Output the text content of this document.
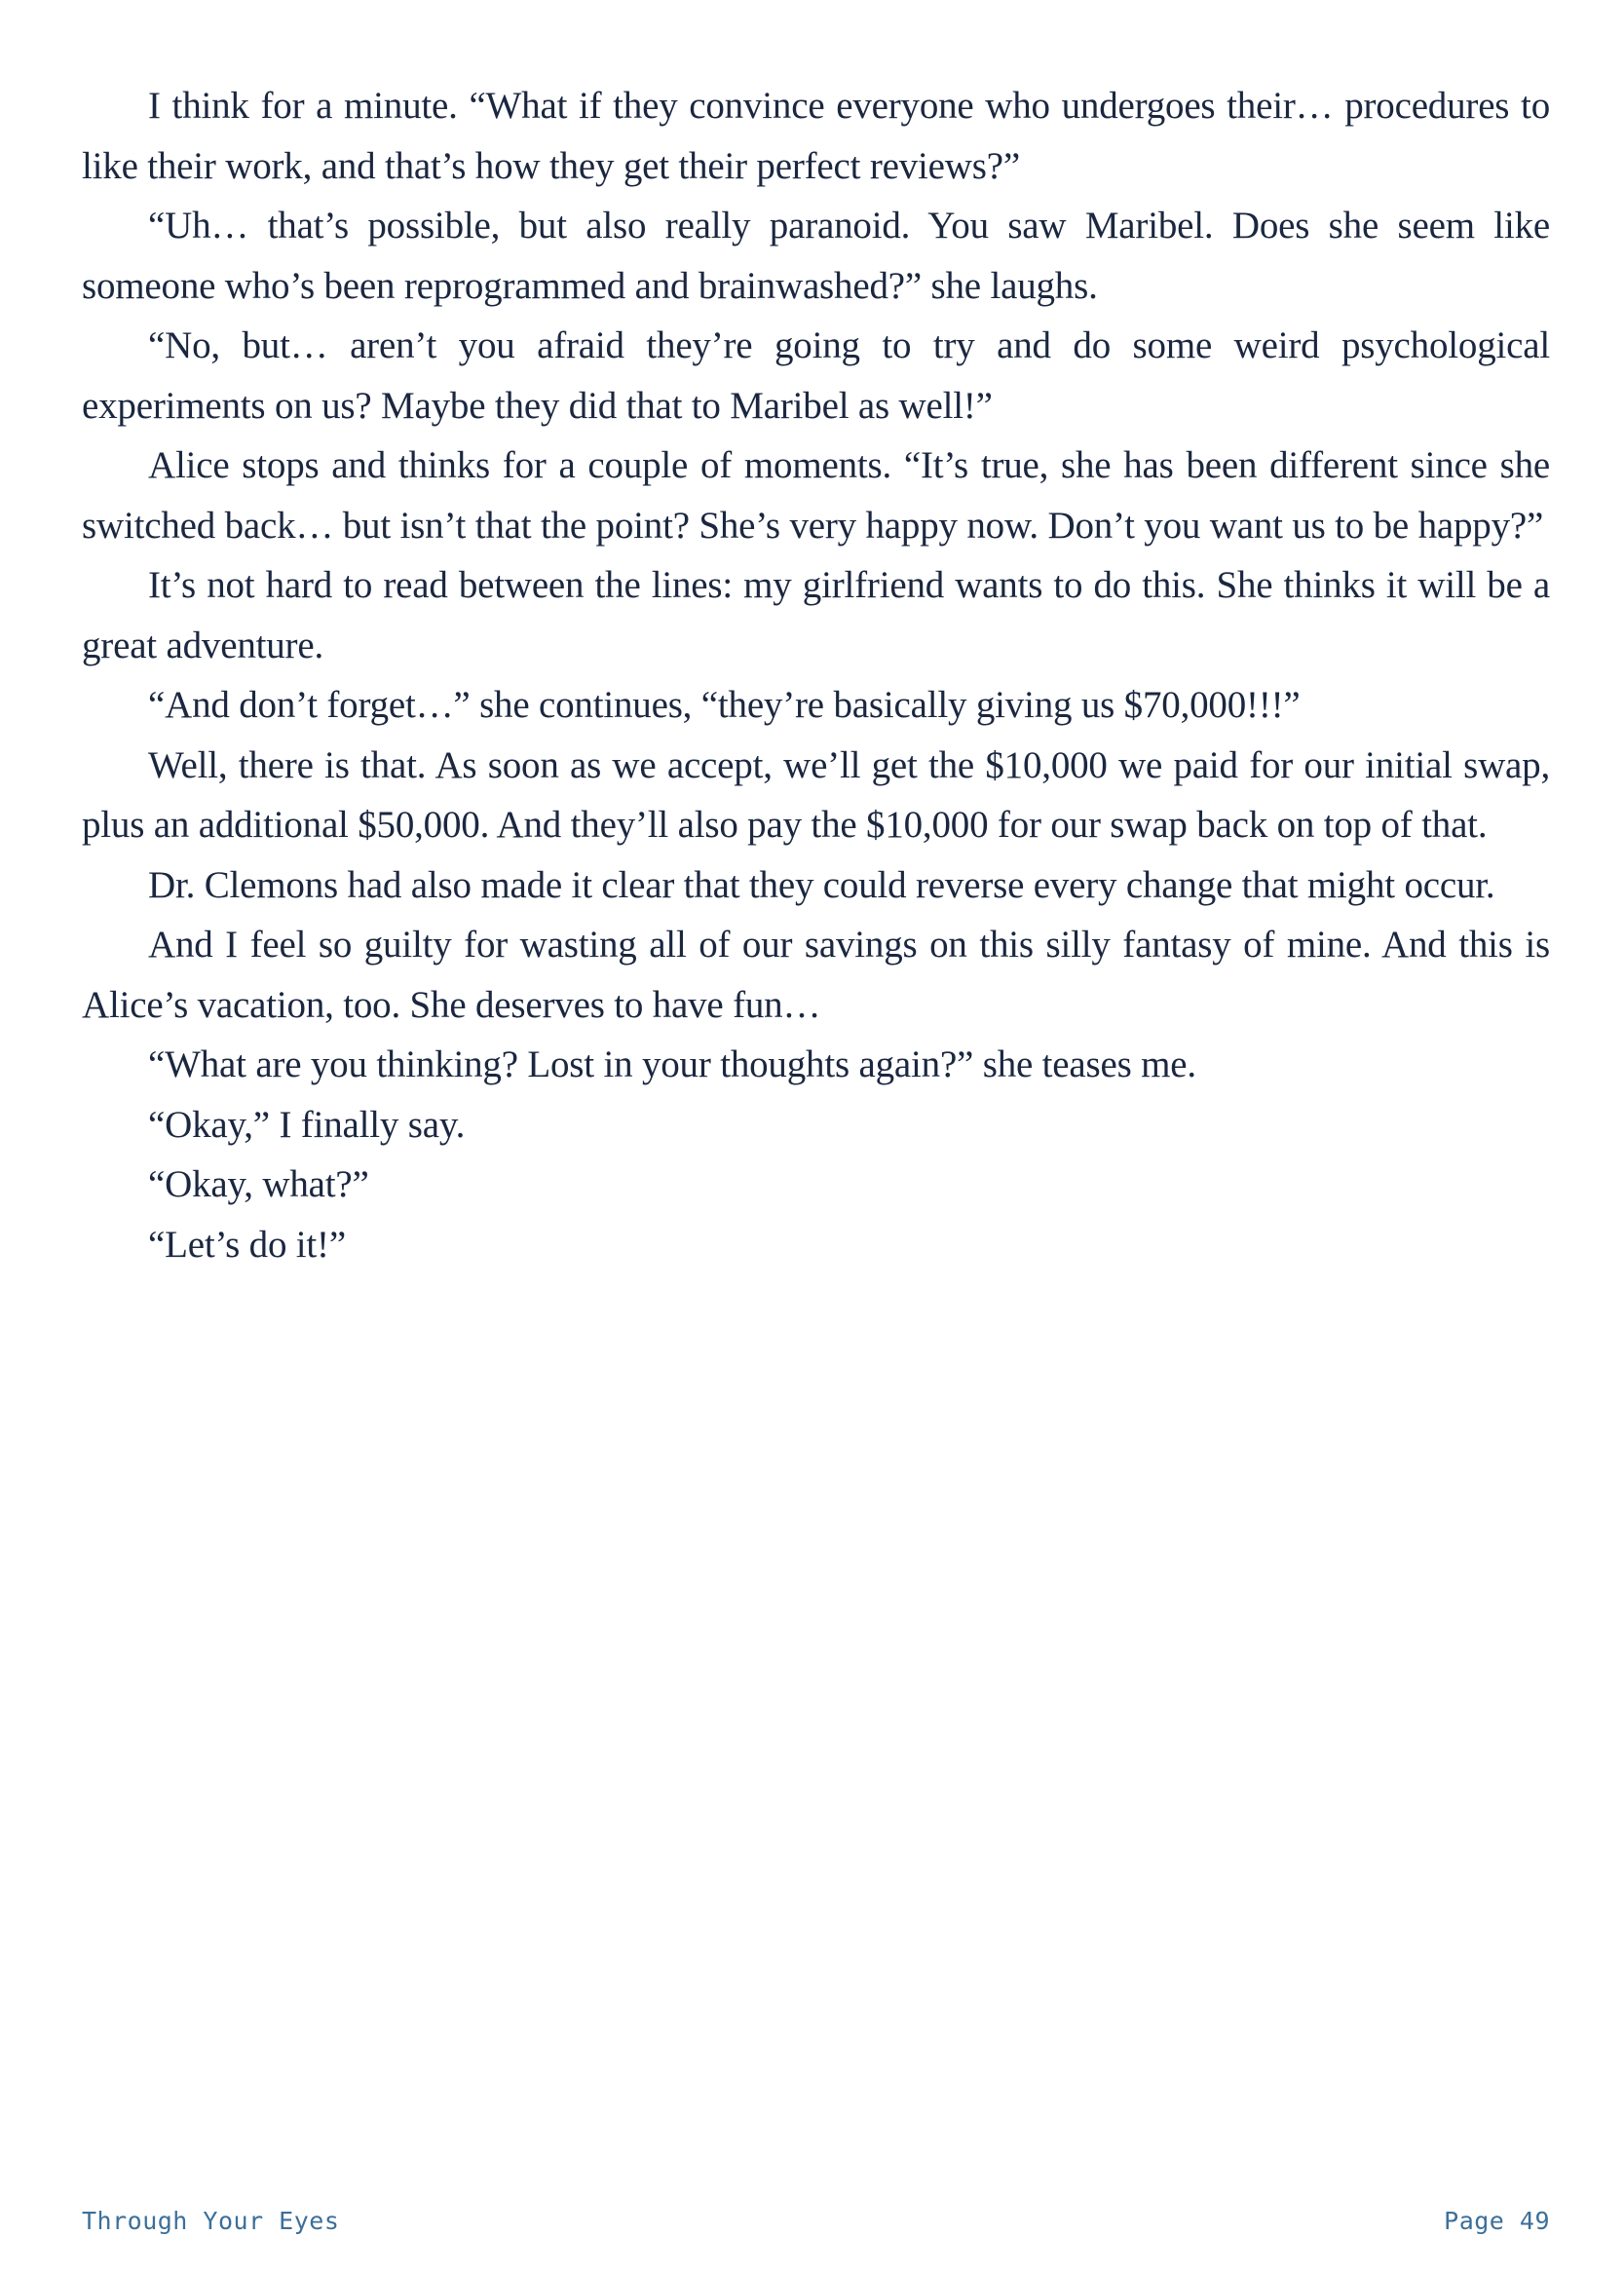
I think for a minute. “What if they convince everyone who undergoes their… procedures to like their work, and that’s how they get their perfect reviews?”

“Uh… that’s possible, but also really paranoid. You saw Maribel. Does she seem like someone who’s been reprogrammed and brainwashed?” she laughs.

“No, but… aren’t you afraid they’re going to try and do some weird psychological experiments on us? Maybe they did that to Maribel as well!”

Alice stops and thinks for a couple of moments. “It’s true, she has been different since she switched back… but isn’t that the point? She’s very happy now. Don’t you want us to be happy?”

It’s not hard to read between the lines: my girlfriend wants to do this. She thinks it will be a great adventure.

“And don’t forget…” she continues, “they’re basically giving us $70,000!!!”

Well, there is that. As soon as we accept, we’ll get the $10,000 we paid for our initial swap, plus an additional $50,000. And they’ll also pay the $10,000 for our swap back on top of that.

Dr. Clemons had also made it clear that they could reverse every change that might occur.

And I feel so guilty for wasting all of our savings on this silly fantasy of mine. And this is Alice’s vacation, too. She deserves to have fun…

“What are you thinking? Lost in your thoughts again?” she teases me.

“Okay,” I finally say.

“Okay, what?”

“Let’s do it!”

Through Your Eyes	Page 49
